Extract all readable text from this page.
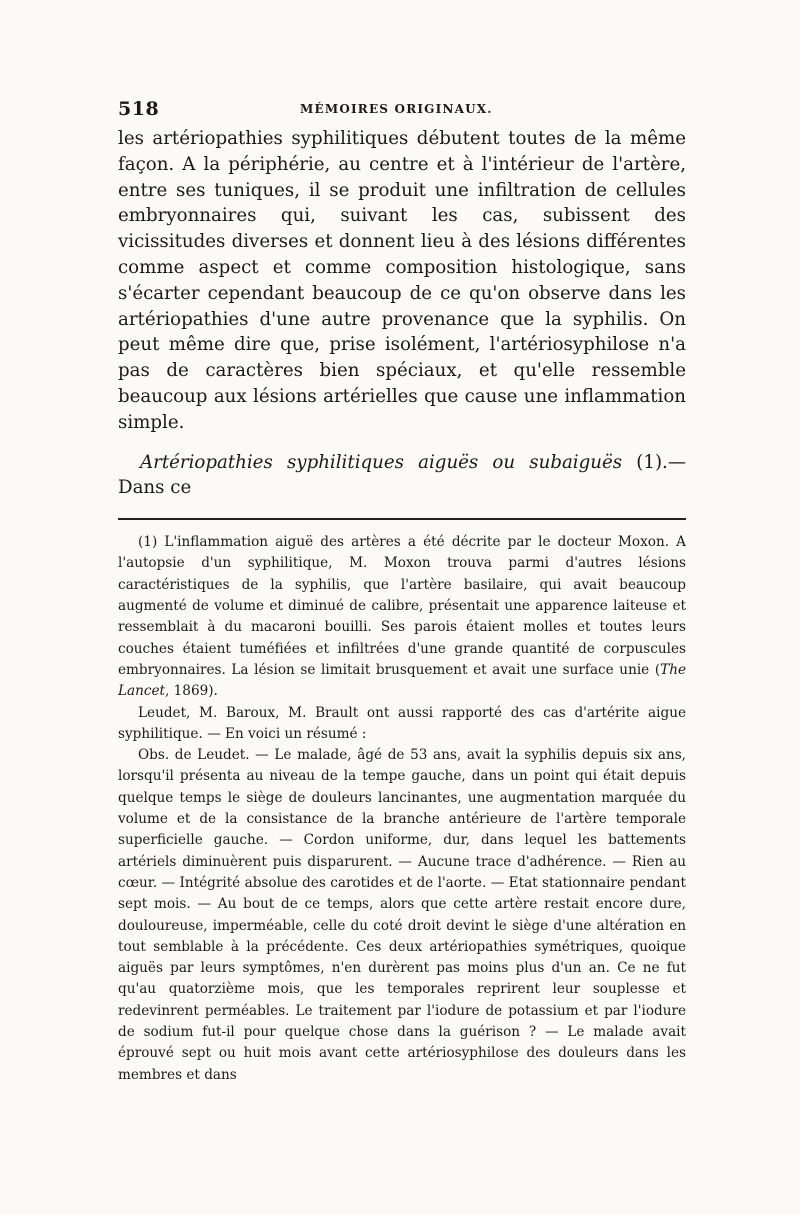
518	MÉMOIRES ORIGINAUX.

les artériopathies syphilitiques débutent toutes de la même façon. A la périphérie, au centre et à l'intérieur de l'artère, entre ses tuniques, il se produit une infiltration de cellules embryonnaires qui, suivant les cas, subissent des vicissitudes diverses et donnent lieu à des lésions différentes comme aspect et comme composition histologique, sans s'écarter cependant beaucoup de ce qu'on observe dans les artériopathies d'une autre provenance que la syphilis. On peut même dire que, prise isolément, l'artériosyphilose n'a pas de caractères bien spéciaux, et qu'elle ressemble beaucoup aux lésions artérielles que cause une inflammation simple.

Artériopathies syphilitiques aiguës ou subaiguës (1).—Dans ce

(1) L'inflammation aiguë des artères a été décrite par le docteur Moxon. A l'autopsie d'un syphilitique, M. Moxon trouva parmi d'autres lésions caractéristiques de la syphilis, que l'artère basilaire, qui avait beaucoup augmenté de volume et diminué de calibre, présentait une apparence laiteuse et ressemblait à du macaroni bouilli. Ses parois étaient molles et toutes leurs couches étaient tuméfiées et infiltrées d'une grande quantité de corpuscules embryonnaires. La lésion se limitait brusquement et avait une surface unie (The Lancet, 1869).

Leudet, M. Baroux, M. Brault ont aussi rapporté des cas d'artérite aigue syphilitique. — En voici un résumé :

Obs. de Leudet. — Le malade, âgé de 53 ans, avait la syphilis depuis six ans, lorsqu'il présenta au niveau de la tempe gauche, dans un point qui était depuis quelque temps le siège de douleurs lancinantes, une augmentation marquée du volume et de la consistance de la branche antérieure de l'artère temporale superficielle gauche. — Cordon uniforme, dur, dans lequel les battements artériels diminuèrent puis disparurent. — Aucune trace d'adhérence. — Rien au cœur. — Intégrité absolue des carotides et de l'aorte. — Etat stationnaire pendant sept mois. — Au bout de ce temps, alors que cette artère restait encore dure, douloureuse, imperméable, celle du coté droit devint le siège d'une altération en tout semblable à la précédente. Ces deux artériopathies symétriques, quoique aiguës par leurs symptômes, n'en durèrent pas moins plus d'un an. Ce ne fut qu'au quatorzième mois, que les temporales reprirent leur souplesse et redevinrent perméables. Le traitement par l'iodure de potassium et par l'iodure de sodium fut-il pour quelque chose dans la guérison ? — Le malade avait éprouvé sept ou huit mois avant cette artériosyphilose des douleurs dans les membres et dans
